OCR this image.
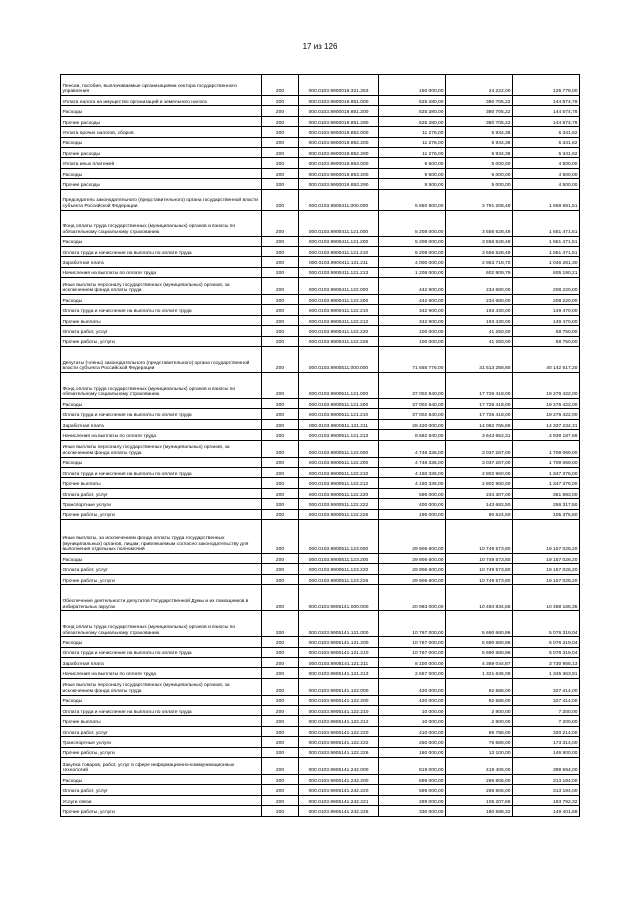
17 из 126
Пенсии, пособия, выплачиваемые организациями сектора государственного управления	200	000.0103.9900019.321.263	150 000,00	24 222,00	125 778,00
Уплата налога на имущество организаций и земельного налога	200	000.0103.9900019.851.000	525 280,00	380 705,22	144 574,78
Расходы	200	000.0103.9900019.851.200	525 280,00	380 705,22	144 574,78
Прочие расходы	200	000.0103.9900019.851.290	525 280,00	380 705,22	144 574,78
Уплата прочих налогов, сборов	200	000.0103.9900019.852.000	11 276,00	5 934,38	5 341,62
Расходы	200	000.0103.9900019.852.200	11 276,00	5 934,38	5 341,62
Прочие расходы	200	000.0103.9900019.852.290	11 276,00	5 934,38	5 341,62
Уплата иных платежей	200	000.0103.9900019.853.000	9 500,00	5 000,00	4 500,00
Расходы	200	000.0103.9900019.853.200	9 500,00	5 000,00	4 500,00
Прочие расходы	200	000.0103.9900019.853.290	9 500,00	5 000,00	4 500,00
Председатель законодательного (представительного) органа государственной власти субъекта Российской Федерации	200	000.0103.9900411.000.000	5 850 900,00	3 791 208,49	1 659 691,51
Фонд оплаты труда государственных (муниципальных) органов и взносы по обязательному социальному страхованию	200	000.0103.9900411.121.000	5 208 000,00	3 556 528,49	1 651 471,51
Расходы	200	000.0103.9900411.121.200	5 208 000,00	3 556 528,49	1 651 471,51
Оплата труда и начисления на выплаты по оплате труда	200	000.0103.9900411.121.210	5 208 000,00	3 556 528,49	1 651 471,51
Заработная плата	200	000.0103.9900411.121.211	4 000 000,00	2 953 718,70	1 046 281,30
Начисления на выплаты по оплате труда	200	000.0103.9900411.121.213	1 208 000,00	602 809,79	605 190,21
Иные выплаты персоналу государственных (муниципальных) органов, за исключением фонда оплаты труда	200	000.0103.9900411.122.000	442 900,00	234 680,00	208 220,00
Расходы	200	000.0103.9900411.122.200	442 900,00	234 680,00	208 220,00
Оплата труда и начисления на выплаты по оплате труда	200	000.0103.9900411.122.210	342 900,00	193 430,00	149 470,00
Прочие выплаты	200	000.0103.9900411.122.212	342 900,00	193 430,00	149 470,00
Оплата работ, услуг	200	000.0103.9900411.122.220	100 000,00	41 250,00	58 750,00
Прочие работы, услуги	200	000.0103.9900411.122.226	100 000,00	41 250,00	58 750,00
Депутаты (члены) законодательного (представительного) органа государственной власти субъекта Российской Федерации	200	000.0103.9900511.000.000	71 655 776,00	31 513 258,80	40 142 517,20
Фонд оплаты труда государственных (муниципальных) органов и взносы по обязательному социальному страхованию	200	000.0103.9900511.121.000	37 002 840,00	17 726 418,00	19 276 422,00
Расходы	200	000.0103.9900511.121.200	37 002 840,00	17 726 418,00	19 276 422,00
Оплата труда и начисления на выплаты по оплате труда	200	000.0103.9900511.121.210	37 002 840,00	17 726 418,00	19 276 422,00
Заработная плата	200	000.0103.9900511.121.211	28 420 000,00	14 082 765,69	14 337 234,31
Начисления на выплаты по оплате труда	200	000.0103.9900511.121.213	8 582 840,00	3 643 652,31	4 939 187,69
Иные выплаты персоналу государственных (муниципальных) органов, за исключением фонда оплаты труда	200	000.0103.9900511.122.000	4 746 336,00	3 037 267,00	1 709 069,00
Расходы	200	000.0103.9900511.122.200	4 746 336,00	3 037 267,00	1 709 069,00
Оплата труда и начисления на выплаты по оплате труда	200	000.0103.9900511.122.210	4 150 336,00	2 802 960,00	1 347 376,00
Прочие выплаты	200	000.0103.9900511.122.212	4 150 336,00	2 802 960,00	1 347 376,00
Оплата работ, услуг	200	000.0103.9900511.122.220	596 000,00	234 307,00	361 693,00
Транспортные услуги	200	000.0103.9900511.122.222	400 000,00	143 682,50	256 317,50
Прочие работы, услуги	200	000.0103.9900511.122.226	196 000,00	90 624,50	105 375,50
Иные выплаты, за исключением фонда оплаты труда государственных (муниципальных) органов, лицам, привлекаемым согласно законодательству для выполнения отдельных полномочий	200	000.0103.9900511.123.000	29 906 600,00	10 749 573,80	19 157 026,20
Расходы	200	000.0103.9900511.123.200	29 906 600,00	10 749 573,80	19 157 026,20
Оплата работ, услуг	200	000.0103.9900511.123.220	29 906 600,00	10 749 573,80	19 157 026,20
Прочие работы, услуги	200	000.0103.9900511.123.226	29 906 600,00	10 749 573,80	19 157 026,20
Обеспечение деятельности депутатов Государственной Думы и их помощников в избирательных округах	200	000.0103.9905141.000.000	20 983 000,00	10 494 834,65	10 488 165,35
Фонд оплаты труда государственных (муниципальных) органов и взносы по обязательному социальному страхованию	200	000.0103.9905141.121.000	10 767 000,00	5 690 680,96	5 076 319,04
Расходы	200	000.0103.9905141.121.200	10 767 000,00	5 690 680,96	5 076 319,04
Оплата труда и начисления на выплаты по оплате труда	200	000.0103.9905141.121.210	10 767 000,00	5 690 680,96	5 076 319,04
Заработная плата	200	000.0103.9905141.121.211	8 100 000,00	4 369 044,87	3 730 955,13
Начисления на выплаты по оплате труда	200	000.0103.9905141.121.213	2 667 000,00	1 321 636,09	1 345 363,91
Иные выплаты персоналу государственных (муниципальных) органов, за исключением фонда оплаты труда	200	000.0103.9905141.122.000	420 000,00	92 586,00	327 414,00
Расходы	200	000.0103.9905141.122.200	420 000,00	92 586,00	327 414,00
Оплата труда и начисления на выплаты по оплате труда	200	000.0103.9905141.122.210	10 000,00	2 800,00	7 200,00
Прочие выплаты	200	000.0103.9905141.122.212	10 000,00	2 800,00	7 200,00
Оплата работ, услуг	200	000.0103.9905141.122.220	410 000,00	89 786,00	320 214,00
Транспортные услуги	200	000.0103.9905141.122.222	250 000,00	76 686,00	173 314,00
Прочие работы, услуги	200	000.0103.9905141.122.226	160 000,00	13 100,00	146 900,00
Закупка товаров, работ, услуг в сфере информационно-коммуникационных технологий	200	000.0103.9905141.242.000	819 000,00	419 406,00	399 594,00
Расходы	200	000.0103.9905141.242.200	599 000,00	285 806,00	313 194,00
Оплата работ, услуг	200	000.0103.9905141.242.220	599 000,00	285 806,00	313 194,00
Услуги связи	200	000.0103.9905141.242.221	289 000,00	105 207,68	183 792,32
Прочие работы, услуги	200	000.0103.9905141.242.226	330 000,00	180 598,32	149 401,68
